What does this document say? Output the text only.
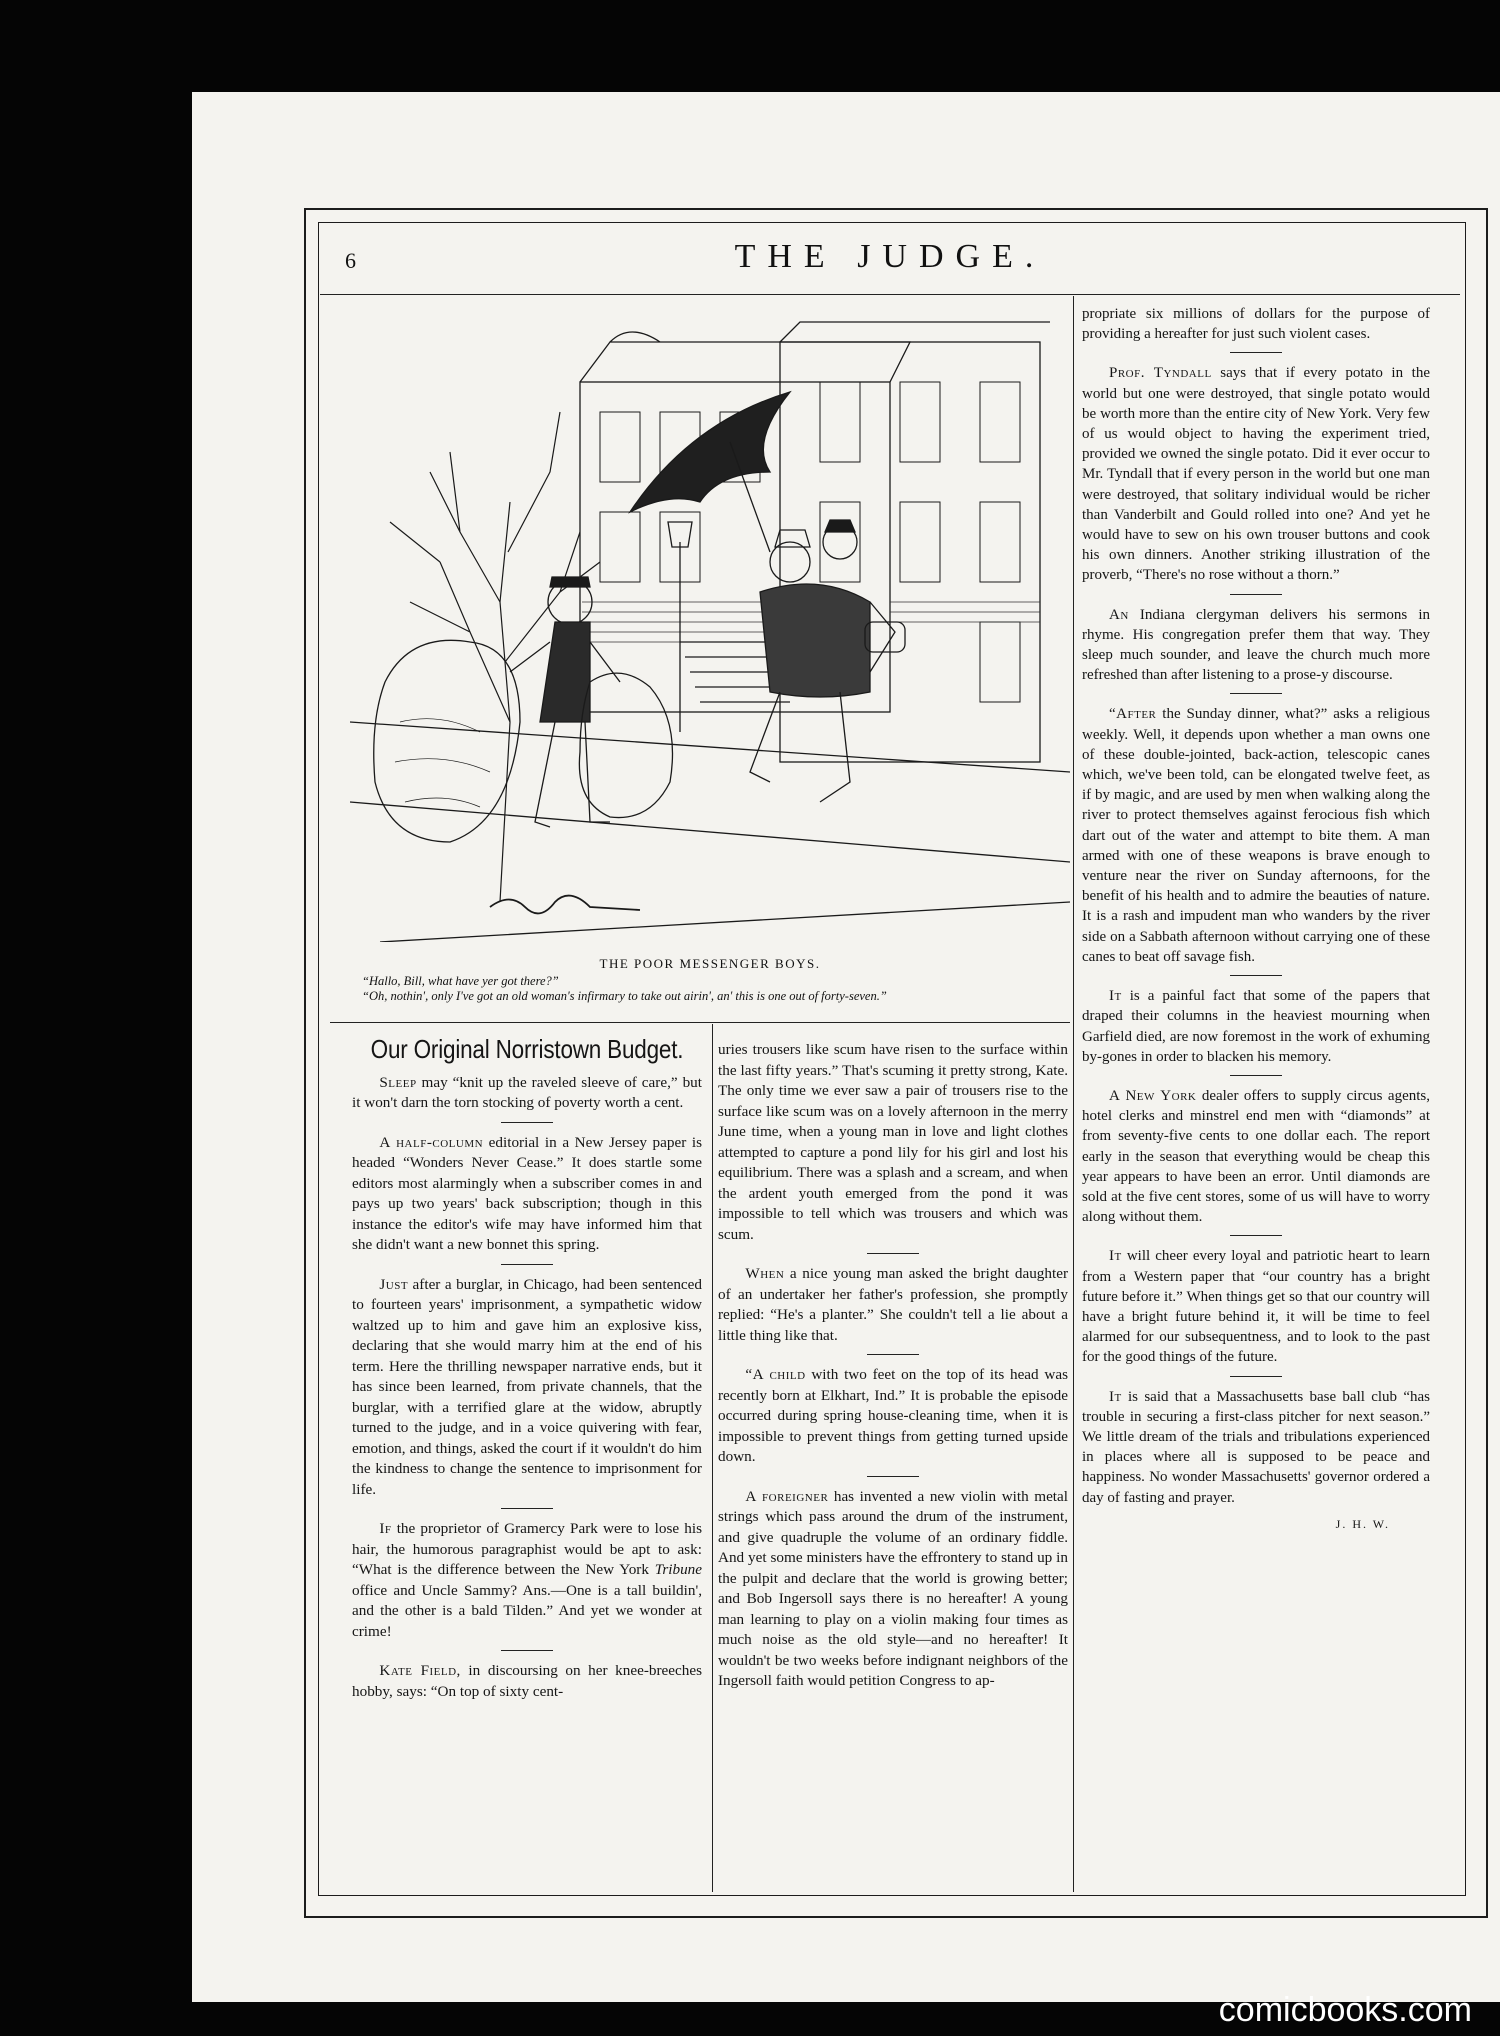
6	THE JUDGE.
THE POOR MESSENGER BOYS.
“Hallo, Bill, what have yer got there?”
“Oh, nothin', only I've got an old woman's infirmary to take out airin', an' this is one out of forty-seven.”

Our Original Norristown Budget.

Sleep may “knit up the raveled sleeve of care,” but it won't darn the torn stocking of poverty worth a cent.

A half-column editorial in a New Jersey paper is headed “Wonders Never Cease.” It does startle some editors most alarmingly when a subscriber comes in and pays up two years' back subscription; though in this instance the editor's wife may have informed him that she didn't want a new bonnet this spring.

Just after a burglar, in Chicago, had been sentenced to fourteen years' imprisonment, a sympathetic widow waltzed up to him and gave him an explosive kiss, declaring that she would marry him at the end of his term. Here the thrilling newspaper narrative ends, but it has since been learned, from private channels, that the burglar, with a terrified glare at the widow, abruptly turned to the judge, and in a voice quivering with fear, emotion, and things, asked the court if it wouldn't do him the kindness to change the sentence to imprisonment for life.

If the proprietor of Gramercy Park were to lose his hair, the humorous paragraphist would be apt to ask: “What is the difference between the New York Tribune office and Uncle Sammy? Ans.—One is a tall buildin', and the other is a bald Tilden.” And yet we wonder at crime!

Kate Field, in discoursing on her knee-breeches hobby, says: “On top of sixty cent-

uries trousers like scum have risen to the surface within the last fifty years.” That's scuming it pretty strong, Kate. The only time we ever saw a pair of trousers rise to the surface like scum was on a lovely afternoon in the merry June time, when a young man in love and light clothes attempted to capture a pond lily for his girl and lost his equilibrium. There was a splash and a scream, and when the ardent youth emerged from the pond it was impossible to tell which was trousers and which was scum.

When a nice young man asked the bright daughter of an undertaker her father's profession, she promptly replied: “He's a planter.” She couldn't tell a lie about a little thing like that.

“A child with two feet on the top of its head was recently born at Elkhart, Ind.” It is probable the episode occurred during spring house-cleaning time, when it is impossible to prevent things from getting turned upside down.

A foreigner has invented a new violin with metal strings which pass around the drum of the instrument, and give quadruple the volume of an ordinary fiddle. And yet some ministers have the effrontery to stand up in the pulpit and declare that the world is growing better; and Bob Ingersoll says there is no hereafter! A young man learning to play on a violin making four times as much noise as the old style—and no hereafter! It wouldn't be two weeks before indignant neighbors of the Ingersoll faith would petition Congress to ap-

propriate six millions of dollars for the purpose of providing a hereafter for just such violent cases.

Prof. Tyndall says that if every potato in the world but one were destroyed, that single potato would be worth more than the entire city of New York. Very few of us would object to having the experiment tried, provided we owned the single potato. Did it ever occur to Mr. Tyndall that if every person in the world but one man were destroyed, that solitary individual would be richer than Vanderbilt and Gould rolled into one? And yet he would have to sew on his own trouser buttons and cook his own dinners. Another striking illustration of the proverb, “There's no rose without a thorn.”

An Indiana clergyman delivers his sermons in rhyme. His congregation prefer them that way. They sleep much sounder, and leave the church much more refreshed than after listening to a prose-y discourse.

“After the Sunday dinner, what?” asks a religious weekly. Well, it depends upon whether a man owns one of these double-jointed, back-action, telescopic canes which, we've been told, can be elongated twelve feet, as if by magic, and are used by men when walking along the river to protect themselves against ferocious fish which dart out of the water and attempt to bite them. A man armed with one of these weapons is brave enough to venture near the river on Sunday afternoons, for the benefit of his health and to admire the beauties of nature. It is a rash and impudent man who wanders by the river side on a Sabbath afternoon without carrying one of these canes to beat off savage fish.

It is a painful fact that some of the papers that draped their columns in the heaviest mourning when Garfield died, are now foremost in the work of exhuming by-gones in order to blacken his memory.

A New York dealer offers to supply circus agents, hotel clerks and minstrel end men with “diamonds” at from seventy-five cents to one dollar each. The report early in the season that everything would be cheap this year appears to have been an error. Until diamonds are sold at the five cent stores, some of us will have to worry along without them.

It will cheer every loyal and patriotic heart to learn from a Western paper that “our country has a bright future before it.” When things get so that our country will have a bright future behind it, it will be time to feel alarmed for our subsequentness, and to look to the past for the good things of the future.

It is said that a Massachusetts base ball club “has trouble in securing a first-class pitcher for next season.” We little dream of the trials and tribulations experienced in places where all is supposed to be peace and happiness. No wonder Massachusetts' governor ordered a day of fasting and prayer.

J. H. W.
comicbooks.com
